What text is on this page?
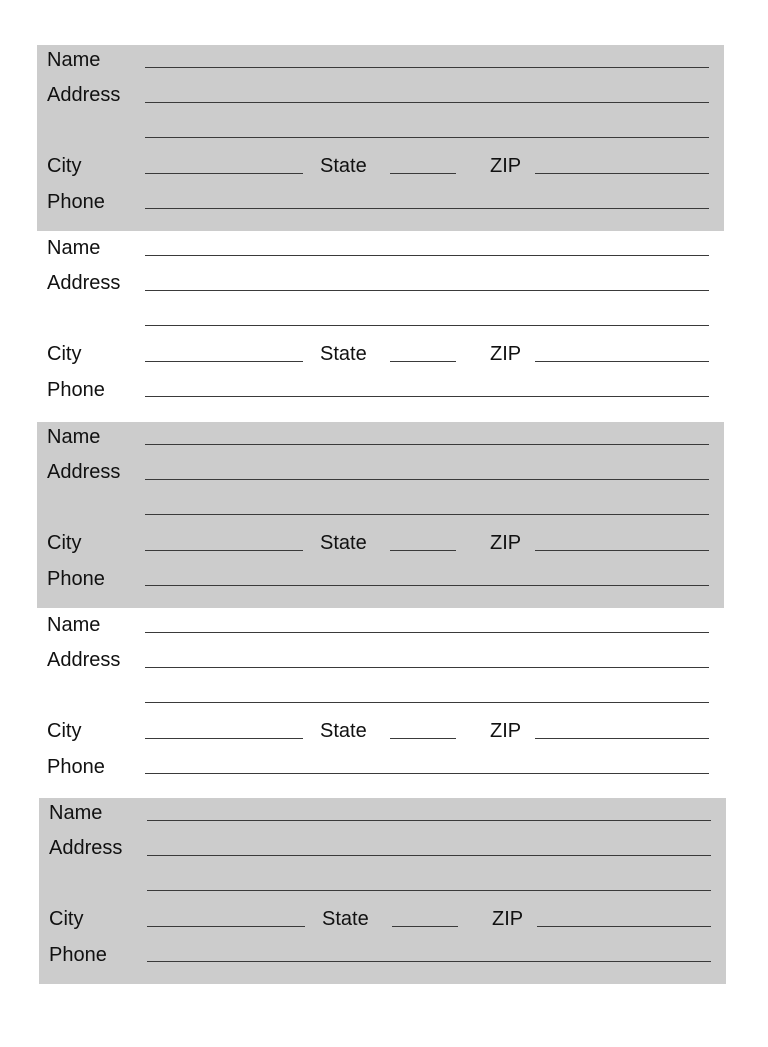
Name
Address
City	State	ZIP
Phone
Name
Address
City	State	ZIP
Phone
Name
Address
City	State	ZIP
Phone
Name
Address
City	State	ZIP
Phone
Name
Address
City	State	ZIP
Phone
